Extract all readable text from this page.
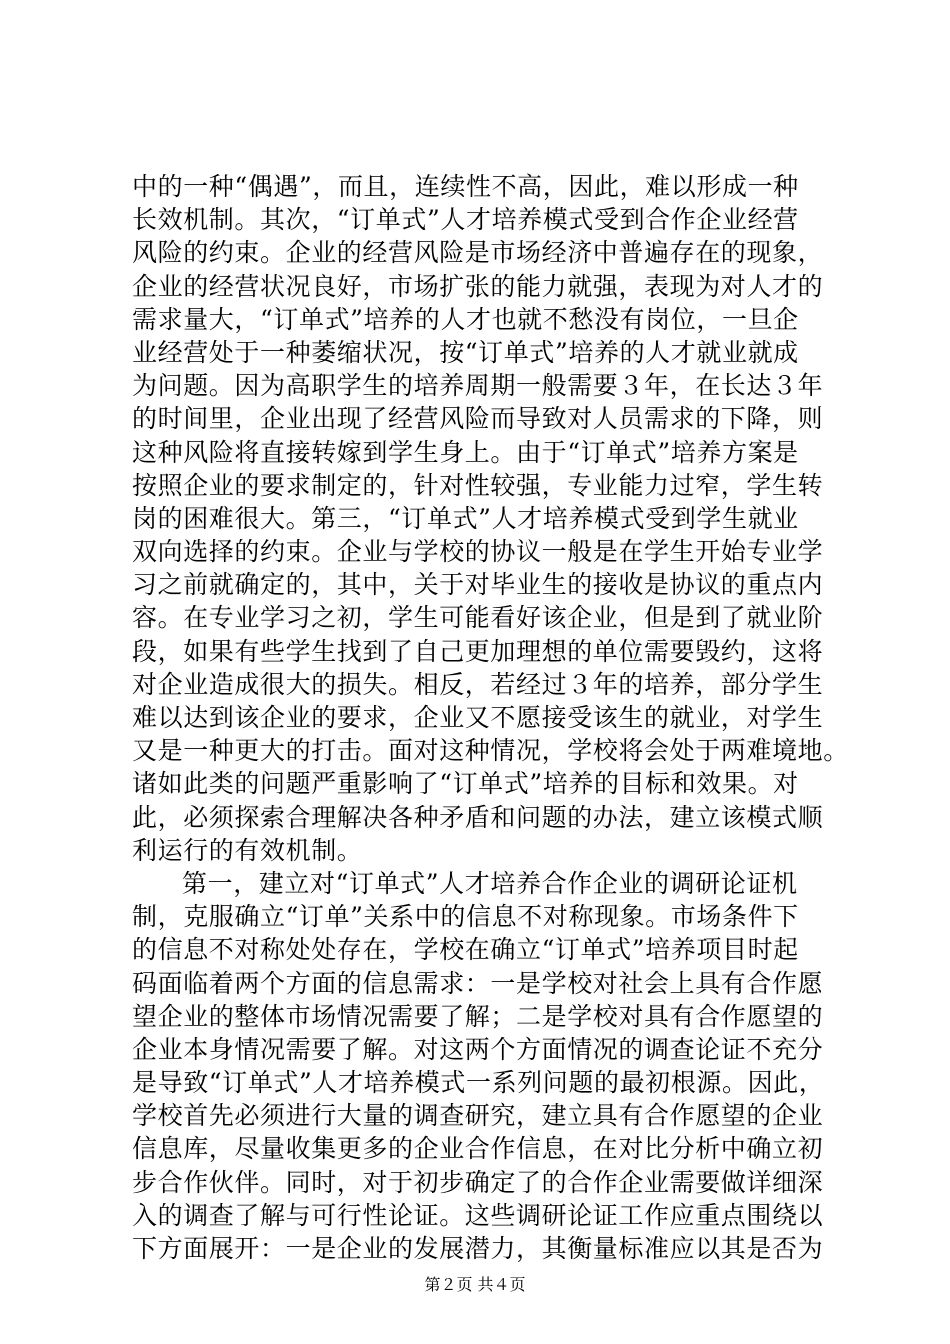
中的一种“偶遇”，而且，连续性不高，因此，难以形成一种
长效机制。其次，“订单式”人才培养模式受到合作企业经营
风险的约束。企业的经营风险是市场经济中普遍存在的现象，
企业的经营状况良好，市场扩张的能力就强，表现为对人才的
需求量大，“订单式”培养的人才也就不愁没有岗位，一旦企
业经营处于一种萎缩状况，按“订单式”培养的人才就业就成
为问题。因为高职学生的培养周期一般需要３年，在长达３年
的时间里，企业出现了经营风险而导致对人员需求的下降，则
这种风险将直接转嫁到学生身上。由于“订单式”培养方案是
按照企业的要求制定的，针对性较强，专业能力过窄，学生转
岗的困难很大。第三，“订单式”人才培养模式受到学生就业
双向选择的约束。企业与学校的协议一般是在学生开始专业学
习之前就确定的，其中，关于对毕业生的接收是协议的重点内
容。在专业学习之初，学生可能看好该企业，但是到了就业阶
段，如果有些学生找到了自己更加理想的单位需要毁约，这将
对企业造成很大的损失。相反，若经过３年的培养，部分学生
难以达到该企业的要求，企业又不愿接受该生的就业，对学生
又是一种更大的打击。面对这种情况，学校将会处于两难境地。
诸如此类的问题严重影响了“订单式”培养的目标和效果。对
此，必须探索合理解决各种矛盾和问题的办法，建立该模式顺
利运行的有效机制。
第一，建立对“订单式”人才培养合作企业的调研论证机
制，克服确立“订单”关系中的信息不对称现象。市场条件下
的信息不对称处处存在，学校在确立“订单式”培养项目时起
码面临着两个方面的信息需求：一是学校对社会上具有合作愿
望企业的整体市场情况需要了解；二是学校对具有合作愿望的
企业本身情况需要了解。对这两个方面情况的调查论证不充分
是导致“订单式”人才培养模式一系列问题的最初根源。因此，
学校首先必须进行大量的调查研究，建立具有合作愿望的企业
信息库，尽量收集更多的企业合作信息，在对比分析中确立初
步合作伙伴。同时，对于初步确定了的合作企业需要做详细深
入的调查了解与可行性论证。这些调研论证工作应重点围绕以
下方面展开：一是企业的发展潜力，其衡量标准应以其是否为
第２页 共４页
